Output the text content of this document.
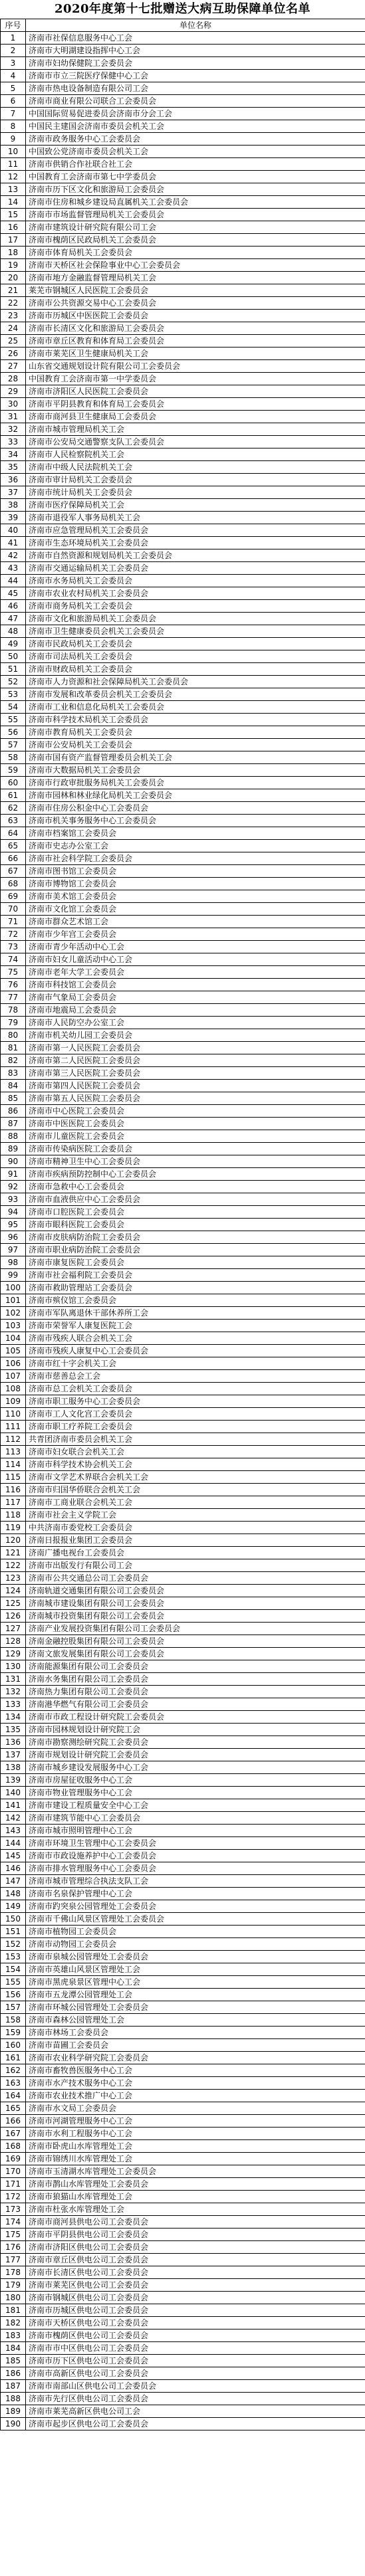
2020年度第十七批赠送大病互助保障单位名单
序号	单位名称
1	济南市社保信息服务中心工会
2	济南市大明湖建设指挥中心工会
3	济南市妇幼保健院工会委员会
4	济南市市立三院医疗保健中心工会
5	济南市热电设备制造有限公司工会
6	济南市商业有限公司联合工会委员会
7	中国国际贸易促进委员会济南市分会工会
8	中国民主建国会济南市委员会机关工会
9	济南市政务服务中心工会委员会
10	中国致公党济南市委员会机关工会
11	济南市供销合作社联合社工会
12	中国教育工会济南市第七中学委员会
13	济南市历下区文化和旅游局工会委员会
14	济南市住房和城乡建设局直属机关工会委员会
15	济南市市场监督管理局机关工会委员会
16	济南市建筑设计研究院有限公司工会
17	济南市槐荫区民政局机关工会委员会
18	济南市体育局机关工会委员会
19	济南市天桥区社会保险事业中心工会委员会
20	济南市地方金融监督管理局机关工会
21	莱芜市钢城区人民医院工会委员会
22	济南市公共资源交易中心工会委员会
23	济南市历城区中医医院工会委员会
24	济南市长清区文化和旅游局工会委员会
25	济南市章丘区教育和体育局工会委员会
26	济南市莱芜区卫生健康局机关工会
27	山东省交通规划设计院有限公司工会委员会
28	中国教育工会济南市第一中学委员会
29	济南市济阳区人民医院工会委员会
30	济南市平阴县教育和体育局工会委员会
31	济南市商河县卫生健康局工会委员会
32	济南市城市管理局机关工会
33	济南市公安局交通警察支队工会委员会
34	济南市人民检察院机关工会
35	济南市中级人民法院机关工会
36	济南市审计局机关工会委员会
37	济南市统计局机关工会委员会
38	济南市医疗保障局机关工会
39	济南市退役军人事务局机关工会
40	济南市应急管理局机关工会委员会
41	济南市生态环境局机关工会委员会
42	济南市自然资源和规划局机关工会委员会
43	济南市交通运输局机关工会委员会
44	济南市水务局机关工会委员会
45	济南市农业农村局机关工会委员会
46	济南市商务局机关工会委员会
47	济南市文化和旅游局机关工会委员会
48	济南市卫生健康委员会机关工会委员会
49	济南市民政局机关工会委员会
50	济南市司法局机关工会委员会
51	济南市财政局机关工会委员会
52	济南市人力资源和社会保障局机关工会委员会
53	济南市发展和改革委员会机关工会委员会
54	济南市工业和信息化局机关工会委员会
55	济南市科学技术局机关工会委员会
56	济南市教育局机关工会委员会
57	济南市公安局机关工会委员会
58	济南市国有资产监督管理委员会机关工会
59	济南市大数据局机关工会委员会
60	济南市行政审批服务局机关工会委员会
61	济南市园林和林业绿化局机关工会委员会
62	济南市住房公积金中心工会委员会
63	济南市机关事务服务中心工会委员会
64	济南市档案馆工会委员会
65	济南市史志办公室工会
66	济南市社会科学院工会委员会
67	济南市图书馆工会委员会
68	济南市博物馆工会委员会
69	济南市美术馆工会委员会
70	济南市文化馆工会委员会
71	济南市群众艺术馆工会
72	济南市少年宫工会委员会
73	济南市青少年活动中心工会
74	济南市妇女儿童活动中心工会
75	济南市老年大学工会委员会
76	济南市科技馆工会委员会
77	济南市气象局工会委员会
78	济南市地震局工会委员会
79	济南市人民防空办公室工会
80	济南市机关幼儿园工会委员会
81	济南市第一人民医院工会委员会
82	济南市第二人民医院工会委员会
83	济南市第三人民医院工会委员会
84	济南市第四人民医院工会委员会
85	济南市第五人民医院工会委员会
86	济南市中心医院工会委员会
87	济南市中医医院工会委员会
88	济南市儿童医院工会委员会
89	济南市传染病医院工会委员会
90	济南市精神卫生中心工会委员会
91	济南市疾病预防控制中心工会委员会
92	济南市急救中心工会委员会
93	济南市血液供应中心工会委员会
94	济南市口腔医院工会委员会
95	济南市眼科医院工会委员会
96	济南市皮肤病防治院工会委员会
97	济南市职业病防治院工会委员会
98	济南市康复医院工会委员会
99	济南市社会福利院工会委员会
100	济南市救助管理站工会委员会
101	济南市殡仪馆工会委员会
102	济南市军队离退休干部休养所工会
103	济南市荣誉军人康复医院工会
104	济南市残疾人联合会机关工会
105	济南市残疾人康复中心工会委员会
106	济南市红十字会机关工会
107	济南市慈善总会工会
108	济南市总工会机关工会委员会
109	济南市职工服务中心工会委员会
110	济南市工人文化宫工会委员会
111	济南市职工疗养院工会委员会
112	共青团济南市委员会机关工会
113	济南市妇女联合会机关工会
114	济南市科学技术协会机关工会
115	济南市文学艺术界联合会机关工会
116	济南市归国华侨联合会机关工会
117	济南市工商业联合会机关工会
118	济南市社会主义学院工会
119	中共济南市委党校工会委员会
120	济南日报报业集团工会委员会
121	济南广播电视台工会委员会
122	济南市出版发行有限公司工会
123	济南市公共交通总公司工会委员会
124	济南轨道交通集团有限公司工会委员会
125	济南城市建设集团有限公司工会委员会
126	济南城市投资集团有限公司工会委员会
127	济南产业发展投资集团有限公司工会委员会
128	济南金融控股集团有限公司工会委员会
129	济南文旅发展集团有限公司工会委员会
130	济南能源集团有限公司工会委员会
131	济南水务集团有限公司工会委员会
132	济南热力集团有限公司工会委员会
133	济南港华燃气有限公司工会委员会
134	济南市市政工程设计研究院工会委员会
135	济南市园林规划设计研究院工会
136	济南市勘察测绘研究院工会委员会
137	济南市规划设计研究院工会委员会
138	济南市城乡建设发展服务中心工会
139	济南市房屋征收服务中心工会
140	济南市物业管理服务中心工会
141	济南市建设工程质量安全中心工会
142	济南市建筑节能中心工会委员会
143	济南市城市照明管理中心工会
144	济南市环境卫生管理中心工会委员会
145	济南市市政设施养护中心工会委员会
146	济南市排水管理服务中心工会委员会
147	济南市城市管理综合执法支队工会
148	济南市名泉保护管理中心工会
149	济南市趵突泉公园管理处工会委员会
150	济南市千佛山风景区管理处工会委员会
151	济南市植物园工会委员会
152	济南市动物园工会委员会
153	济南市泉城公园管理处工会委员会
154	济南市英雄山风景区管理处工会
155	济南市黑虎泉景区管理中心工会
156	济南市五龙潭公园管理处工会
157	济南市环城公园管理处工会委员会
158	济南市森林公园管理处工会
159	济南市林场工会委员会
160	济南市苗圃工会委员会
161	济南市农业科学研究院工会委员会
162	济南市畜牧兽医服务中心工会
163	济南市水产技术服务中心工会
164	济南市农业技术推广中心工会
165	济南市水文局工会委员会
166	济南市河湖管理服务中心工会
167	济南市水利工程服务中心工会
168	济南市卧虎山水库管理处工会
169	济南市锦绣川水库管理处工会
170	济南市玉清湖水库管理处工会委员会
171	济南市鹊山水库管理处工会委员会
172	济南市狼猫山水库管理处工会
173	济南市杜张水库管理处工会
174	济南市商河县供电公司工会委员会
175	济南市平阴县供电公司工会委员会
176	济南市济阳区供电公司工会委员会
177	济南市章丘区供电公司工会委员会
178	济南市长清区供电公司工会委员会
179	济南市莱芜区供电公司工会委员会
180	济南市钢城区供电公司工会委员会
181	济南市历城区供电公司工会委员会
182	济南市天桥区供电公司工会委员会
183	济南市槐荫区供电公司工会委员会
184	济南市市中区供电公司工会委员会
185	济南市历下区供电公司工会委员会
186	济南市高新区供电公司工会委员会
187	济南市南部山区供电公司工会委员会
188	济南市先行区供电公司工会委员会
189	济南市莱芜高新区供电公司工会
190	济南市起步区供电公司工会委员会
